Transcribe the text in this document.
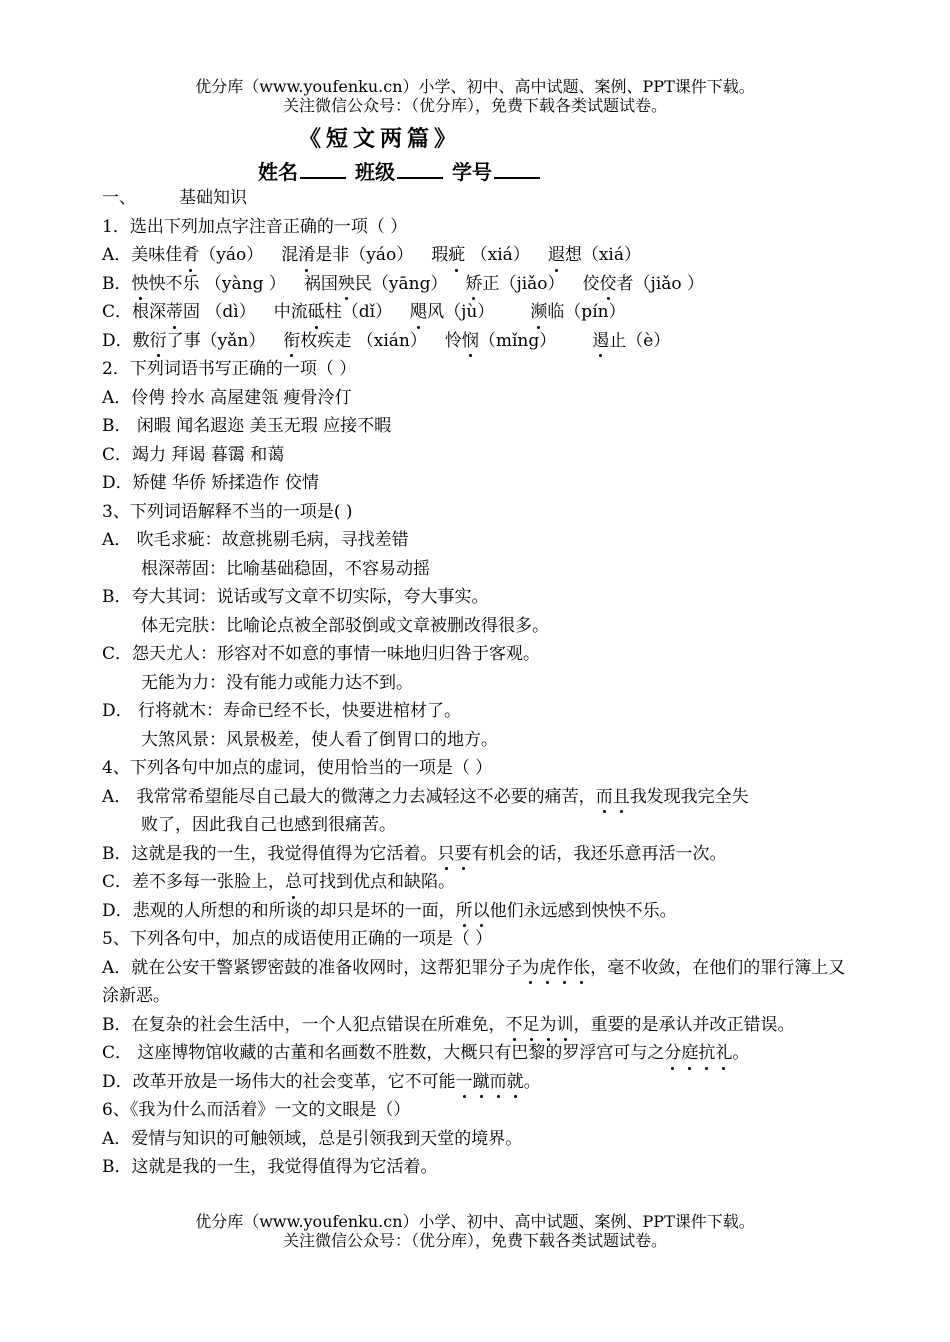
优分库（www.youfenku.cn）小学、初中、高中试题、案例、PPT课件下载。
关注微信公众号：（优分库），免费下载各类试题试卷。
《短文两篇》
姓名	班级	学号
一、	基础知识
1．选出下列加点字注音正确的一项（ ）
A．美味佳肴（yáo） 混淆是非（yáo） 瑕疵 （xiá） 遐想（xiá）
B．怏怏不乐 （yàng ） 祸国殃民（yāng） 矫正（jiǎo） 佼佼者（jiǎo ）
C．根深蒂固 （dì） 中流砥柱（dǐ） 飓风（jù） 濒临（pín）
D．敷衍了事（yǎn） 衔枚疾走 （xián） 怜悯（mǐng） 遏止（è）
2．下列词语书写正确的一项（ ）
A．伶俜 拎水 高屋建瓴 瘦骨泠仃
B． 闲暇 闻名遐迩 美玉无瑕 应接不暇
C．竭力 拜谒 暮霭 和蔼
D．矫健 华侨 矫揉造作 佼情
3、下列词语解释不当的一项是( )
A． 吹毛求疵：故意挑剔毛病，寻找差错
根深蒂固：比喻基础稳固，不容易动摇
B．夸大其词：说话或写文章不切实际，夸大事实。
体无完肤：比喻论点被全部驳倒或文章被删改得很多。
C．怨天尤人：形容对不如意的事情一味地归归咎于客观。
无能为力：没有能力或能力达不到。
D． 行将就木：寿命已经不长，快要进棺材了。
大煞风景：风景极差，使人看了倒胃口的地方。
4、下列各句中加点的虚词，使用恰当的一项是（ ）
A． 我常常希望能尽自己最大的微薄之力去减轻这不必要的痛苦，而且我发现我完全失
败了，因此我自己也感到很痛苦。
B．这就是我的一生，我觉得值得为它活着。只要有机会的话，我还乐意再活一次。
C．差不多每一张脸上，总可找到优点和缺陷。
D．悲观的人所想的和所谈的却只是坏的一面，所以他们永远感到怏怏不乐。
5、下列各句中，加点的成语使用正确的一项是（ ）
A．就在公安干警紧锣密鼓的准备收网时，这帮犯罪分子为虎作伥，毫不收敛，在他们的罪行簿上又涂新恶。
B．在复杂的社会生活中，一个人犯点错误在所难免，不足为训，重要的是承认并改正错误。
C． 这座博物馆收藏的古董和名画数不胜数，大概只有巴黎的罗浮宫可与之分庭抗礼。
D．改革开放是一场伟大的社会变革，它不可能一蹴而就。
6、《我为什么而活着》一文的文眼是（）
A．爱情与知识的可触领域，总是引领我到天堂的境界。
B．这就是我的一生，我觉得值得为它活着。
优分库（www.youfenku.cn）小学、初中、高中试题、案例、PPT课件下载。
关注微信公众号：（优分库），免费下载各类试题试卷。
